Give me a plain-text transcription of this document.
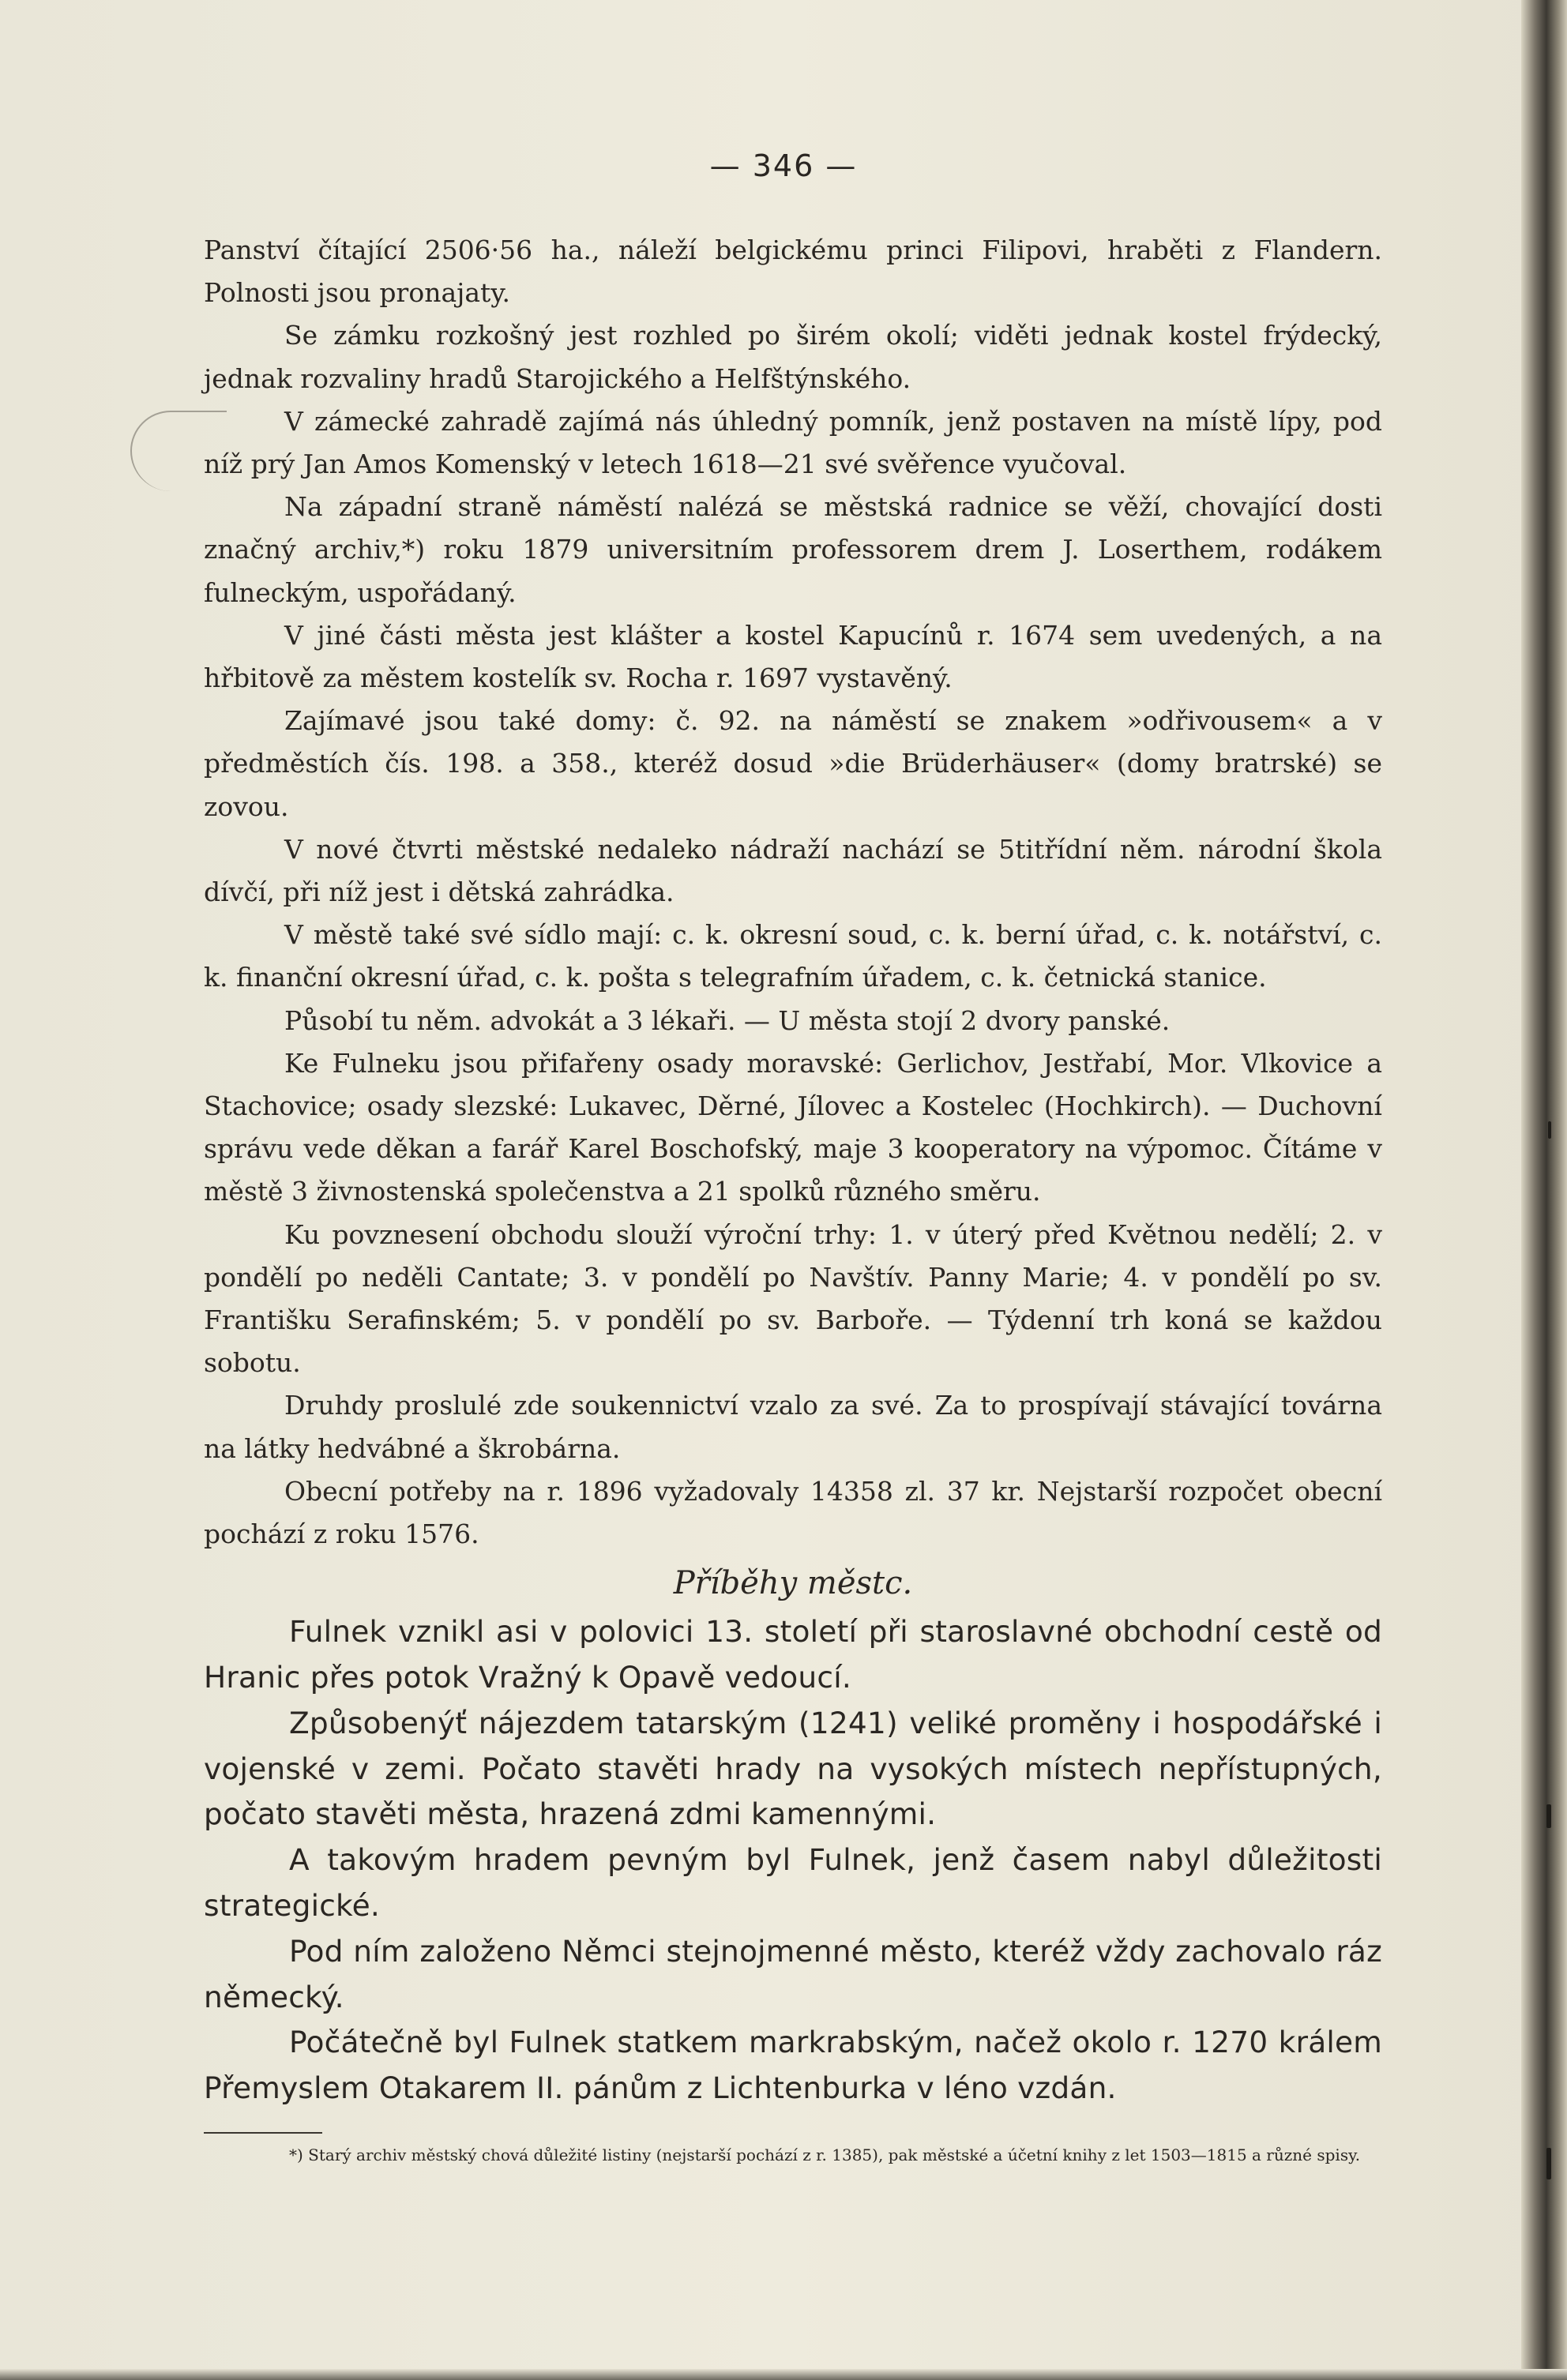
— 346 —

Panství čítající 2506·56 ha., náleží belgickému princi Filipovi, hraběti z Flandern. Polnosti jsou pronajaty.

Se zámku rozkošný jest rozhled po širém okolí; viděti jednak kostel frýdecký, jednak rozvaliny hradů Starojického a Helfštýnského.

V zámecké zahradě zajímá nás úhledný pomník, jenž postaven na místě lípy, pod níž prý Jan Amos Komenský v letech 1618—21 své svěřence vyučoval.

Na západní straně náměstí nalézá se městská radnice se věží, chovající dosti značný archiv,*) roku 1879 universitním professorem drem J. Loserthem, rodákem fulneckým, uspořádaný.

V jiné části města jest klášter a kostel Kapucínů r. 1674 sem uvedených, a na hřbitově za městem kostelík sv. Rocha r. 1697 vystavěný.

Zajímavé jsou také domy: č. 92. na náměstí se znakem »odřivousem« a v předměstích čís. 198. a 358., kteréž dosud »die Brüderhäuser« (domy bratrské) se zovou.

V nové čtvrti městské nedaleko nádraží nachází se 5titřídní něm. národní škola dívčí, při níž jest i dětská zahrádka.

V městě také své sídlo mají: c. k. okresní soud, c. k. berní úřad, c. k. notářství, c. k. finanční okresní úřad, c. k. pošta s telegrafním úřadem, c. k. četnická stanice.

Působí tu něm. advokát a 3 lékaři. — U města stojí 2 dvory panské.

Ke Fulneku jsou přifařeny osady moravské: Gerlichov, Jestřabí, Mor. Vlkovice a Stachovice; osady slezské: Lukavec, Děrné, Jílovec a Kostelec (Hochkirch). — Duchovní správu vede děkan a farář Karel Boschofský, maje 3 kooperatory na výpomoc. Čítáme v městě 3 živnostenská společenstva a 21 spolků různého směru.

Ku povznesení obchodu slouží výroční trhy: 1. v úterý před Květnou nedělí; 2. v pondělí po neděli Cantate; 3. v pondělí po Navštív. Panny Marie; 4. v pondělí po sv. Františku Serafinském; 5. v pondělí po sv. Barboře. — Týdenní trh koná se každou sobotu.

Druhdy proslulé zde soukennictví vzalo za své. Za to prospívají stávající továrna na látky hedvábné a škrobárna.

Obecní potřeby na r. 1896 vyžadovaly 14358 zl. 37 kr. Nejstarší rozpočet obecní pochází z roku 1576.

Příběhy městc.

Fulnek vznikl asi v polovici 13. století při staroslavné obchodní cestě od Hranic přes potok Vražný k Opavě vedoucí.

Způsobenýť nájezdem tatarským (1241) veliké proměny i hospodářské i vojenské v zemi. Počato stavěti hrady na vysokých místech nepřístupných, počato stavěti města, hrazená zdmi kamennými.

A takovým hradem pevným byl Fulnek, jenž časem nabyl důležitosti strategické.

Pod ním založeno Němci stejnojmenné město, kteréž vždy zachovalo ráz německý.

Počátečně byl Fulnek statkem markrabským, načež okolo r. 1270 králem Přemyslem Otakarem II. pánům z Lichtenburka v léno vzdán.

*) Starý archiv městský chová důležité listiny (nejstarší pochází z r. 1385), pak městské a účetní knihy z let 1503—1815 a různé spisy.
